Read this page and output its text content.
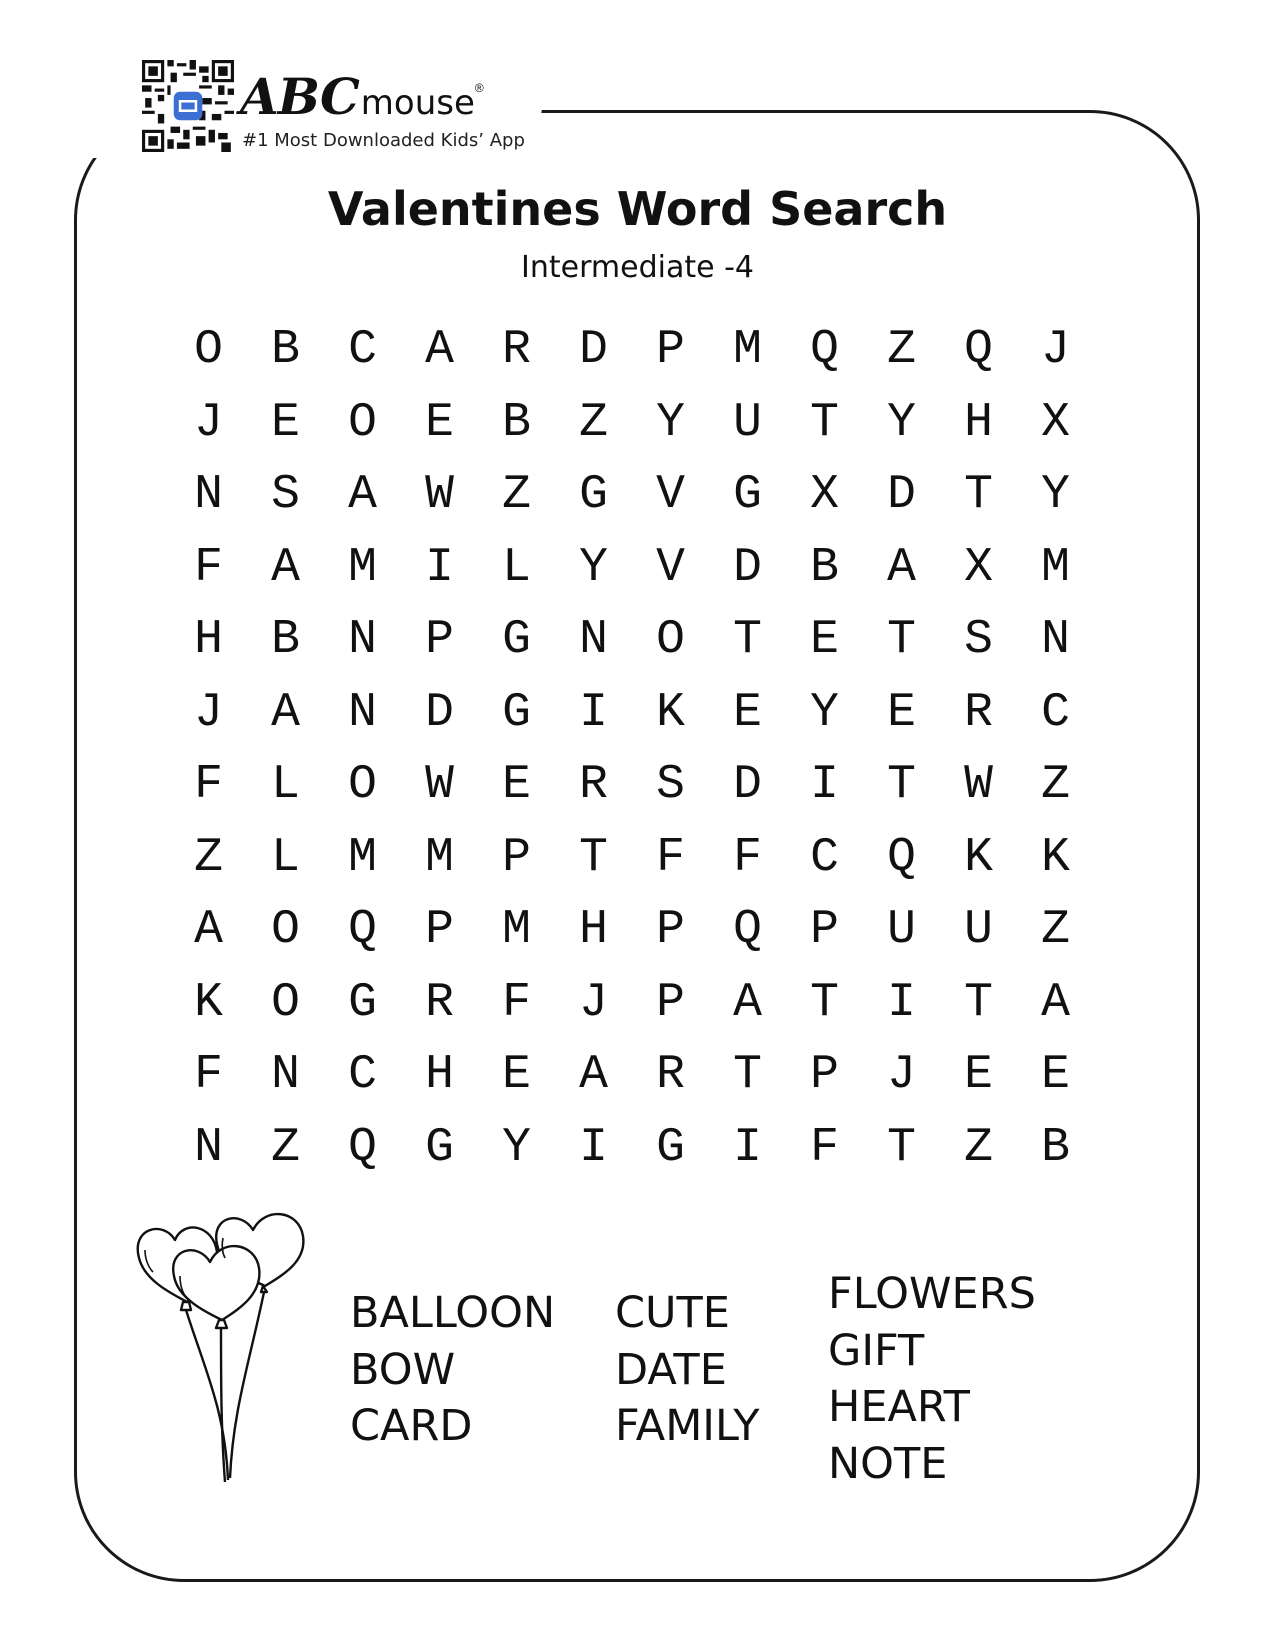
ABC mouse ®
#1 Most Downloaded Kids’ App
Valentines Word Search
Intermediate -4
O	B	C	A	R	D	P	M	Q	Z	Q	J
J	E	O	E	B	Z	Y	U	T	Y	H	X
N	S	A	W	Z	G	V	G	X	D	T	Y
F	A	M	I	L	Y	V	D	B	A	X	M
H	B	N	P	G	N	O	T	E	T	S	N
J	A	N	D	G	I	K	E	Y	E	R	C
F	L	O	W	E	R	S	D	I	T	W	Z
Z	L	M	M	P	T	F	F	C	Q	K	K
A	O	Q	P	M	H	P	Q	P	U	U	Z
K	O	G	R	F	J	P	A	T	I	T	A
F	N	C	H	E	A	R	T	P	J	E	E
N	Z	Q	G	Y	I	G	I	F	T	Z	B
BALLOON
BOW
CARD
CUTE
DATE
FAMILY
FLOWERS
GIFT
HEART
NOTE
